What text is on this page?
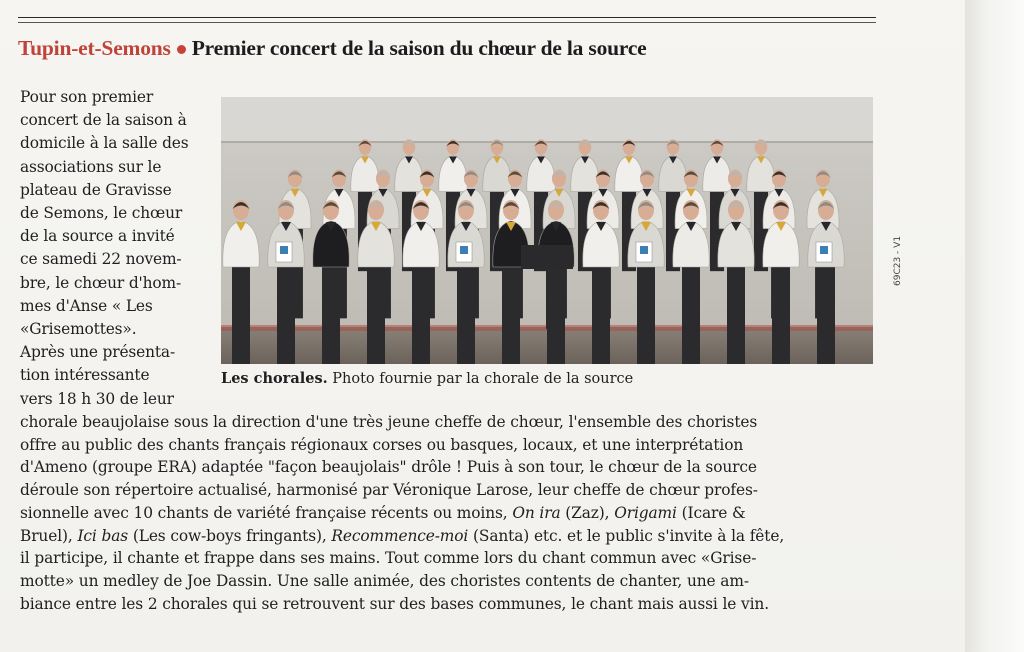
Tupin-et-Semons Premier concert de la saison du chœur de la source
Pour son premier
concert de la saison à
domicile à la salle des
associations sur le
plateau de Gravisse
de Semons, le chœur
de la source a invité
ce samedi 22 novem-
bre, le chœur d'hom-
mes d'Anse « Les
«Grisemottes».
Après une présenta-
tion intéressante
vers 18 h 30 de leur
Les chorales. Photo fournie par la chorale de la source
chorale beaujolaise sous la direction d'une très jeune cheffe de chœur, l'ensemble des choristes
offre au public des chants français régionaux corses ou basques, locaux, et une interprétation
d'Ameno (groupe ERA) adaptée "façon beaujolais" drôle ! Puis à son tour, le chœur de la source
déroule son répertoire actualisé, harmonisé par Véronique Larose, leur cheffe de chœur profes-
sionnelle avec 10 chants de variété française récents ou moins, On ira (Zaz), Origami (Icare &
Bruel), Ici bas (Les cow-boys fringants), Recommence-moi (Santa) etc. et le public s'invite à la fête,
il participe, il chante et frappe dans ses mains. Tout comme lors du chant commun avec «Grise-
motte» un medley de Joe Dassin. Une salle animée, des choristes contents de chanter, une am-
biance entre les 2 chorales qui se retrouvent sur des bases communes, le chant mais aussi le vin.
69C23 - V1
